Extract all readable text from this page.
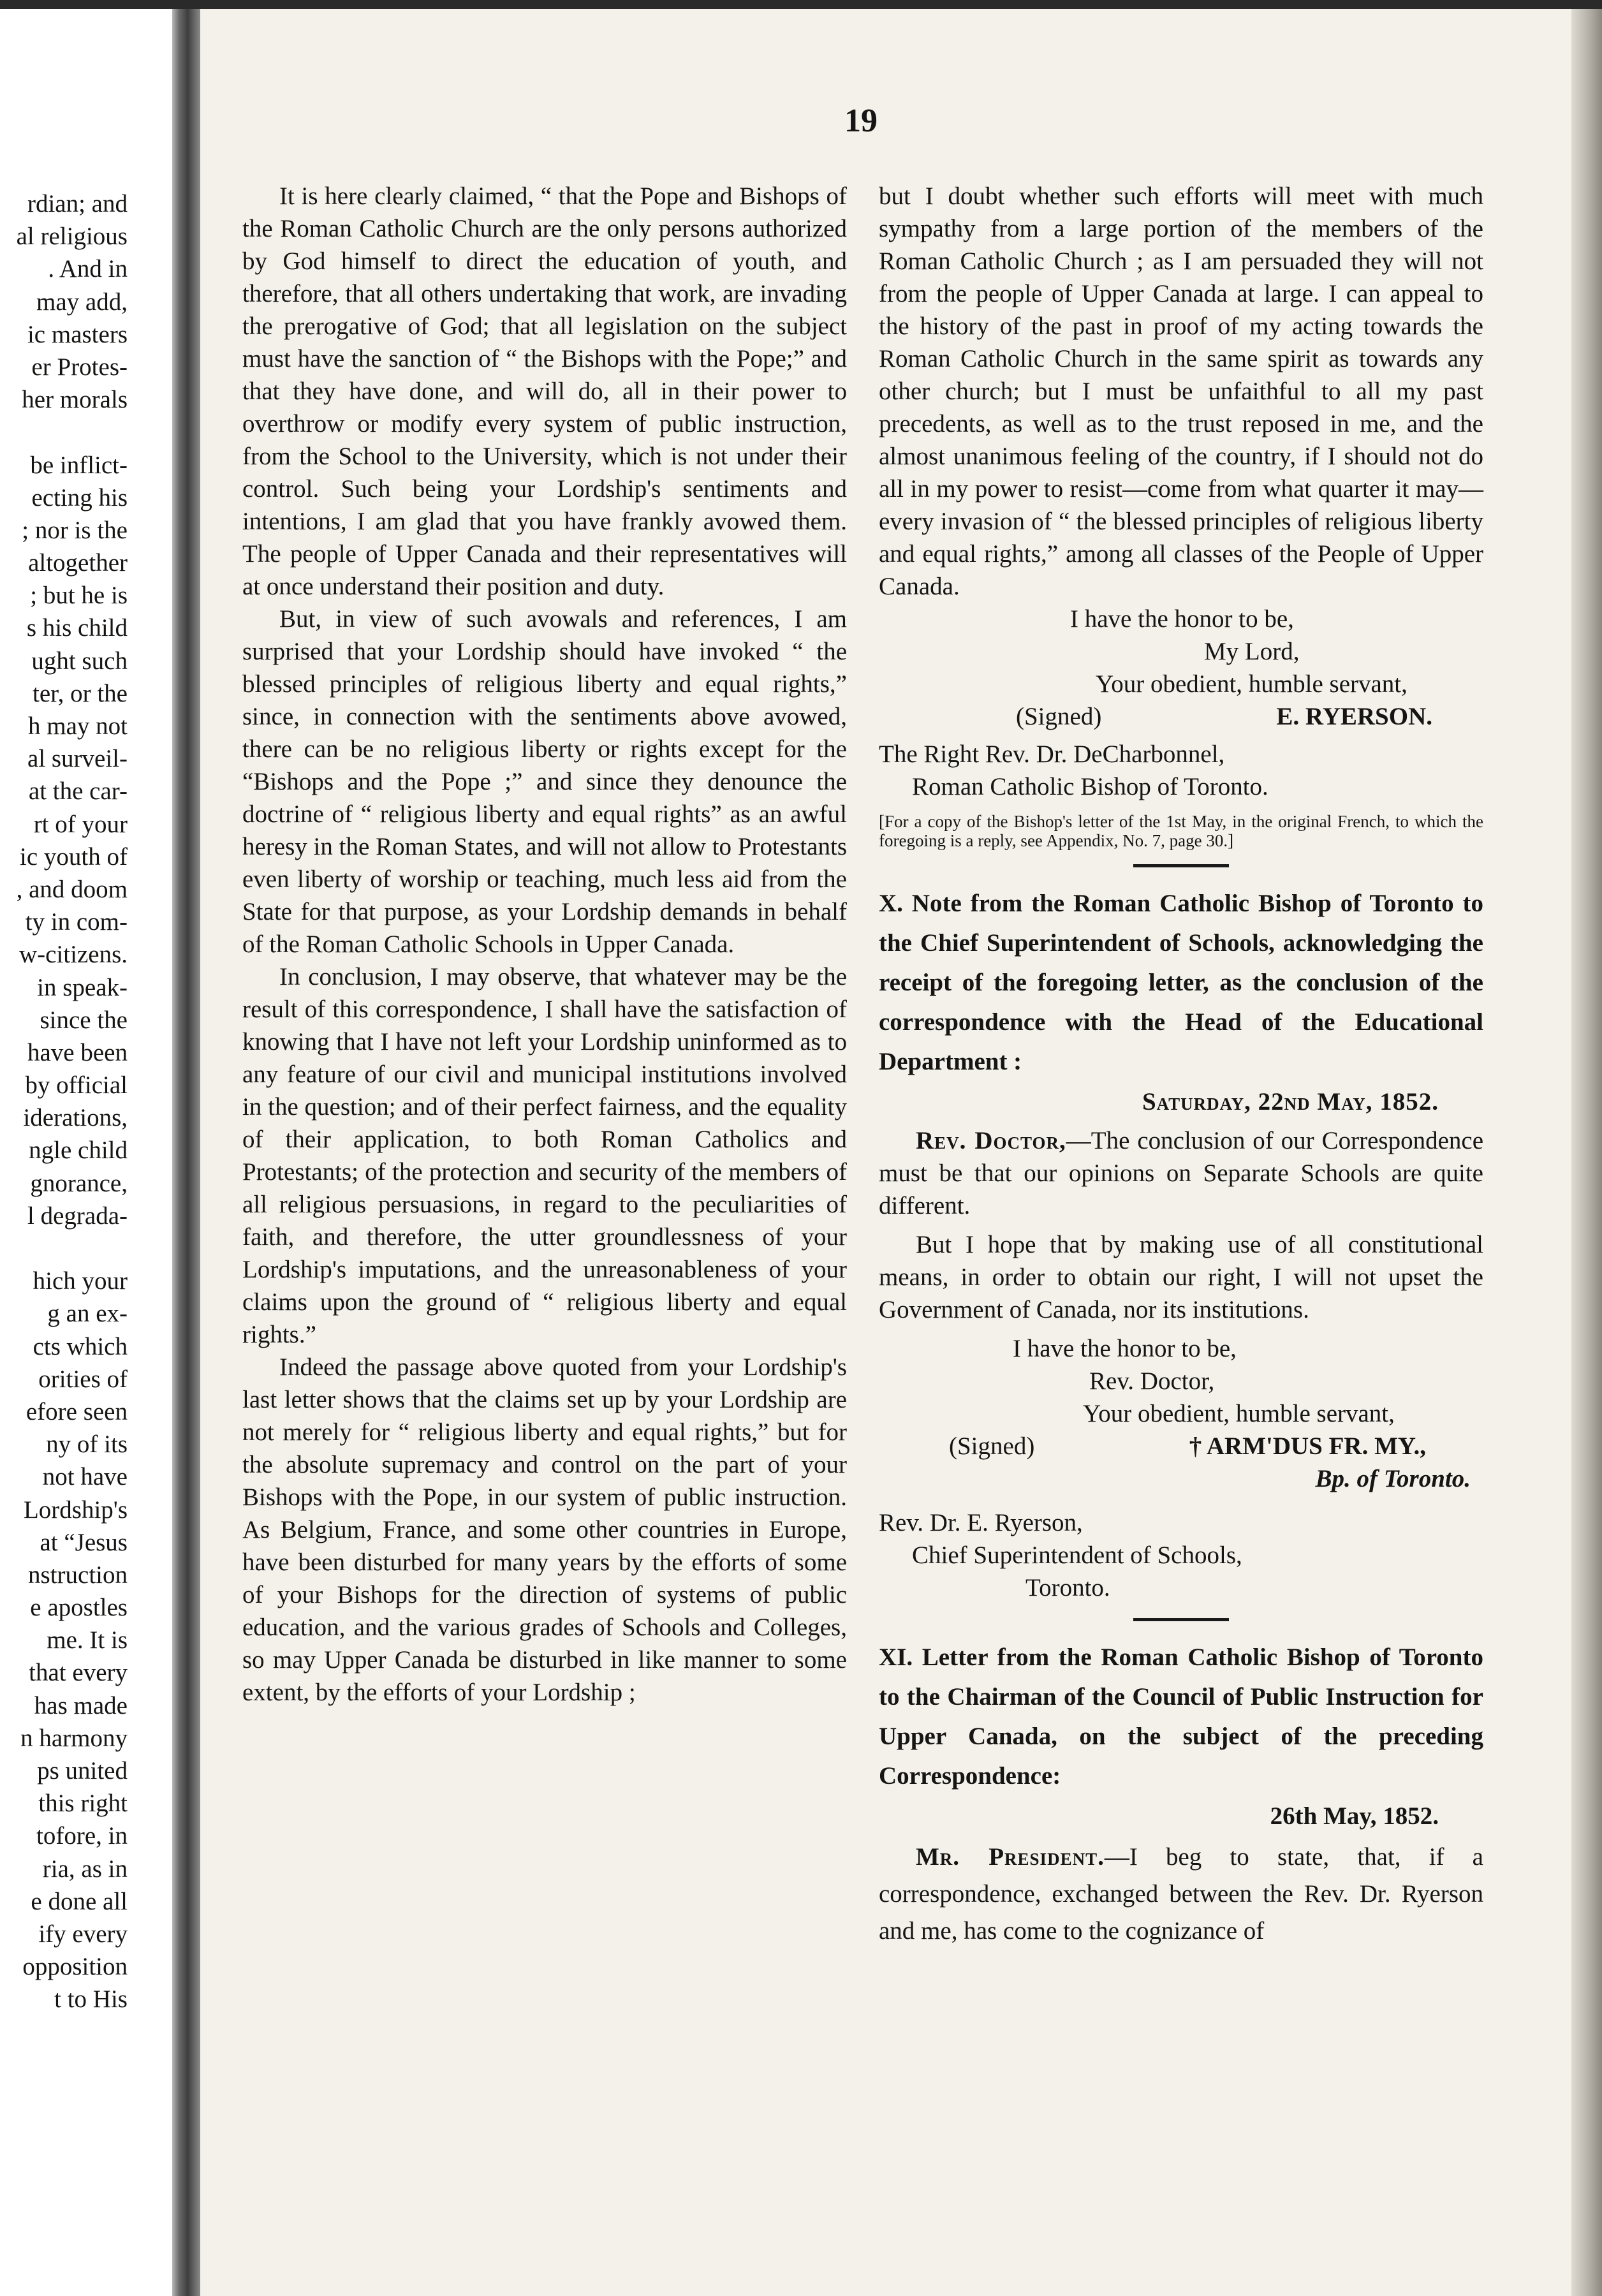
rdian; and
al religious
. And in
may add,
ic masters
er Protes-
her morals
be inflict-
ecting his
; nor is the
altogether
; but he is
s his child
ught such
ter, or the
h may not
al surveil-
at the car-
rt of your
ic youth of
, and doom
ty in com-
w-citizens.
in speak-
since the
have been
by official
iderations,
ngle child
gnorance,
l degrada-
hich your
g an ex-
cts which
orities of
efore seen
ny of its
not have
Lordship's
at “Jesus
nstruction
e apostles
me. It is
that every
has made
n harmony
ps united
this right
tofore, in
ria, as in
e done all
ify every
opposition
t to His
19

It is here clearly claimed, “ that the Pope and Bishops of the Roman Catholic Church are the only persons authorized by God himself to direct the education of youth, and therefore, that all others undertaking that work, are invading the prerogative of God; that all legislation on the subject must have the sanction of “ the Bishops with the Pope;” and that they have done, and will do, all in their power to overthrow or modify every system of public instruction, from the School to the University, which is not under their control. Such being your Lordship's sentiments and intentions, I am glad that you have frankly avowed them. The people of Upper Canada and their representatives will at once understand their position and duty.

But, in view of such avowals and references, I am surprised that your Lordship should have invoked “ the blessed principles of religious liberty and equal rights,” since, in connection with the sentiments above avowed, there can be no religious liberty or rights except for the “Bishops and the Pope ;” and since they denounce the doctrine of “ religious liberty and equal rights” as an awful heresy in the Roman States, and will not allow to Protestants even liberty of worship or teaching, much less aid from the State for that purpose, as your Lordship demands in behalf of the Roman Catholic Schools in Upper Canada.

In conclusion, I may observe, that whatever may be the result of this correspondence, I shall have the satisfaction of knowing that I have not left your Lordship uninformed as to any feature of our civil and municipal institutions involved in the question; and of their perfect fairness, and the equality of their application, to both Roman Catholics and Protestants; of the protection and security of the members of all religious persuasions, in regard to the peculiarities of faith, and therefore, the utter groundlessness of your Lordship's imputations, and the unreasonableness of your claims upon the ground of “ religious liberty and equal rights.”

Indeed the passage above quoted from your Lordship's last letter shows that the claims set up by your Lordship are not merely for “ religious liberty and equal rights,” but for the absolute supremacy and control on the part of your Bishops with the Pope, in our system of public instruction. As Belgium, France, and some other countries in Europe, have been disturbed for many years by the efforts of some of your Bishops for the direction of systems of public education, and the various grades of Schools and Colleges, so may Upper Canada be disturbed in like manner to some extent, by the efforts of your Lordship ;

but I doubt whether such efforts will meet with much sympathy from a large portion of the members of the Roman Catholic Church ; as I am persuaded they will not from the people of Upper Canada at large. I can appeal to the history of the past in proof of my acting towards the Roman Catholic Church in the same spirit as towards any other church; but I must be unfaithful to all my past precedents, as well as to the trust reposed in me, and the almost unanimous feeling of the country, if I should not do all in my power to resist—come from what quarter it may—every invasion of “ the blessed principles of religious liberty and equal rights,” among all classes of the People of Upper Canada.

I have the honor to be,
My Lord,
Your obedient, humble servant,
(Signed)	E. RYERSON.
The Right Rev. Dr. DeCharbonnel,
Roman Catholic Bishop of Toronto.
[For a copy of the Bishop's letter of the 1st May, in the original French, to which the foregoing is a reply, see Appendix, No. 7, page 30.]

X. Note from the Roman Catholic Bishop of Toronto to the Chief Superintendent of Schools, acknowledging the receipt of the foregoing letter, as the conclusion of the correspondence with the Head of the Educational Department :

Saturday, 22nd May, 1852.

Rev. Doctor,—The conclusion of our Correspondence must be that our opinions on Separate Schools are quite different.

But I hope that by making use of all constitutional means, in order to obtain our right, I will not upset the Government of Canada, nor its institutions.

I have the honor to be,
Rev. Doctor,
Your obedient, humble servant,
(Signed)	† ARM'DUS FR. MY.,
Bp. of Toronto.
Rev. Dr. E. Ryerson,
Chief Superintendent of Schools,
Toronto.

XI. Letter from the Roman Catholic Bishop of Toronto to the Chairman of the Council of Public Instruction for Upper Canada, on the subject of the preceding Correspondence:

26th May, 1852.

Mr. President.—I beg to state, that, if a correspondence, exchanged between the Rev. Dr. Ryerson and me, has come to the cognizance of
